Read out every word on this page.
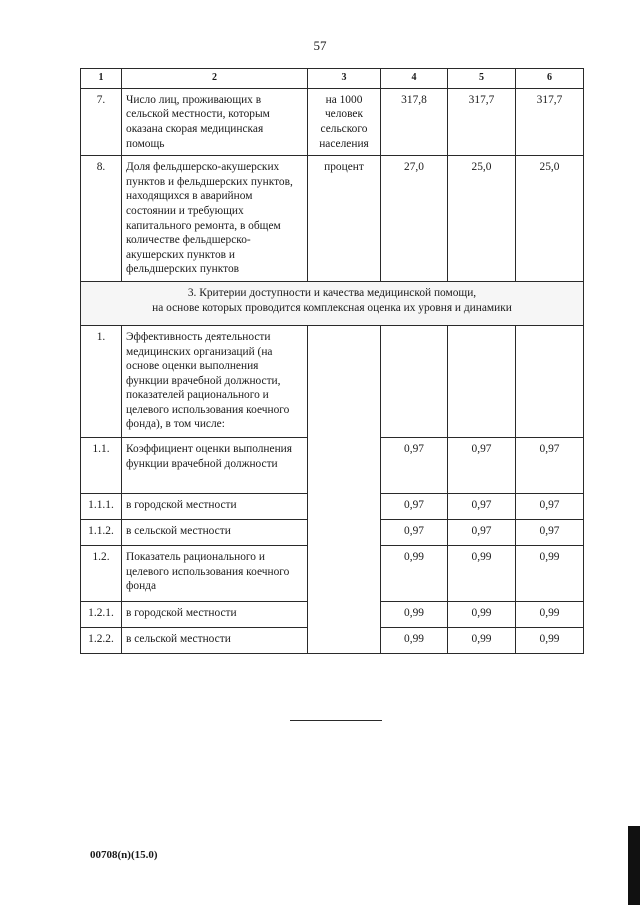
57
1	2	3	4	5	6
7.	Число лиц, проживающих в сельской местности, которым оказана скорая медицинская помощь	на 1000 человек сельского населения	317,8	317,7	317,7
8.	Доля фельдшерско-акушерских пунктов и фельдшерских пунктов, находящихся в аварийном состоянии и требующих капитального ремонта, в общем количестве фельдшерско-акушерских пунктов и фельдшерских пунктов	процент	27,0	25,0	25,0

3. Критерии доступности и качества медицинской помощи,
на основе которых проводится комплексная оценка их уровня и динамики					

1.	Эффективность деятельности медицинских организаций (на основе оценки выполнения функции врачебной должности, показателей рационального и целевого использования коечного фонда), в том числе:				
1.1.	Коэффициент оценки выполнения функции врачебной должности		0,97	0,97	0,97
1.1.1.	в городской местности		0,97	0,97	0,97
1.1.2.	в сельской местности		0,97	0,97	0,97
1.2.	Показатель рационального и целевого использования коечного фонда		0,99	0,99	0,99
1.2.1.	в городской местности		0,99	0,99	0,99
1.2.2.	в сельской местности		0,99	0,99	0,99
00708(n)(15.0)
